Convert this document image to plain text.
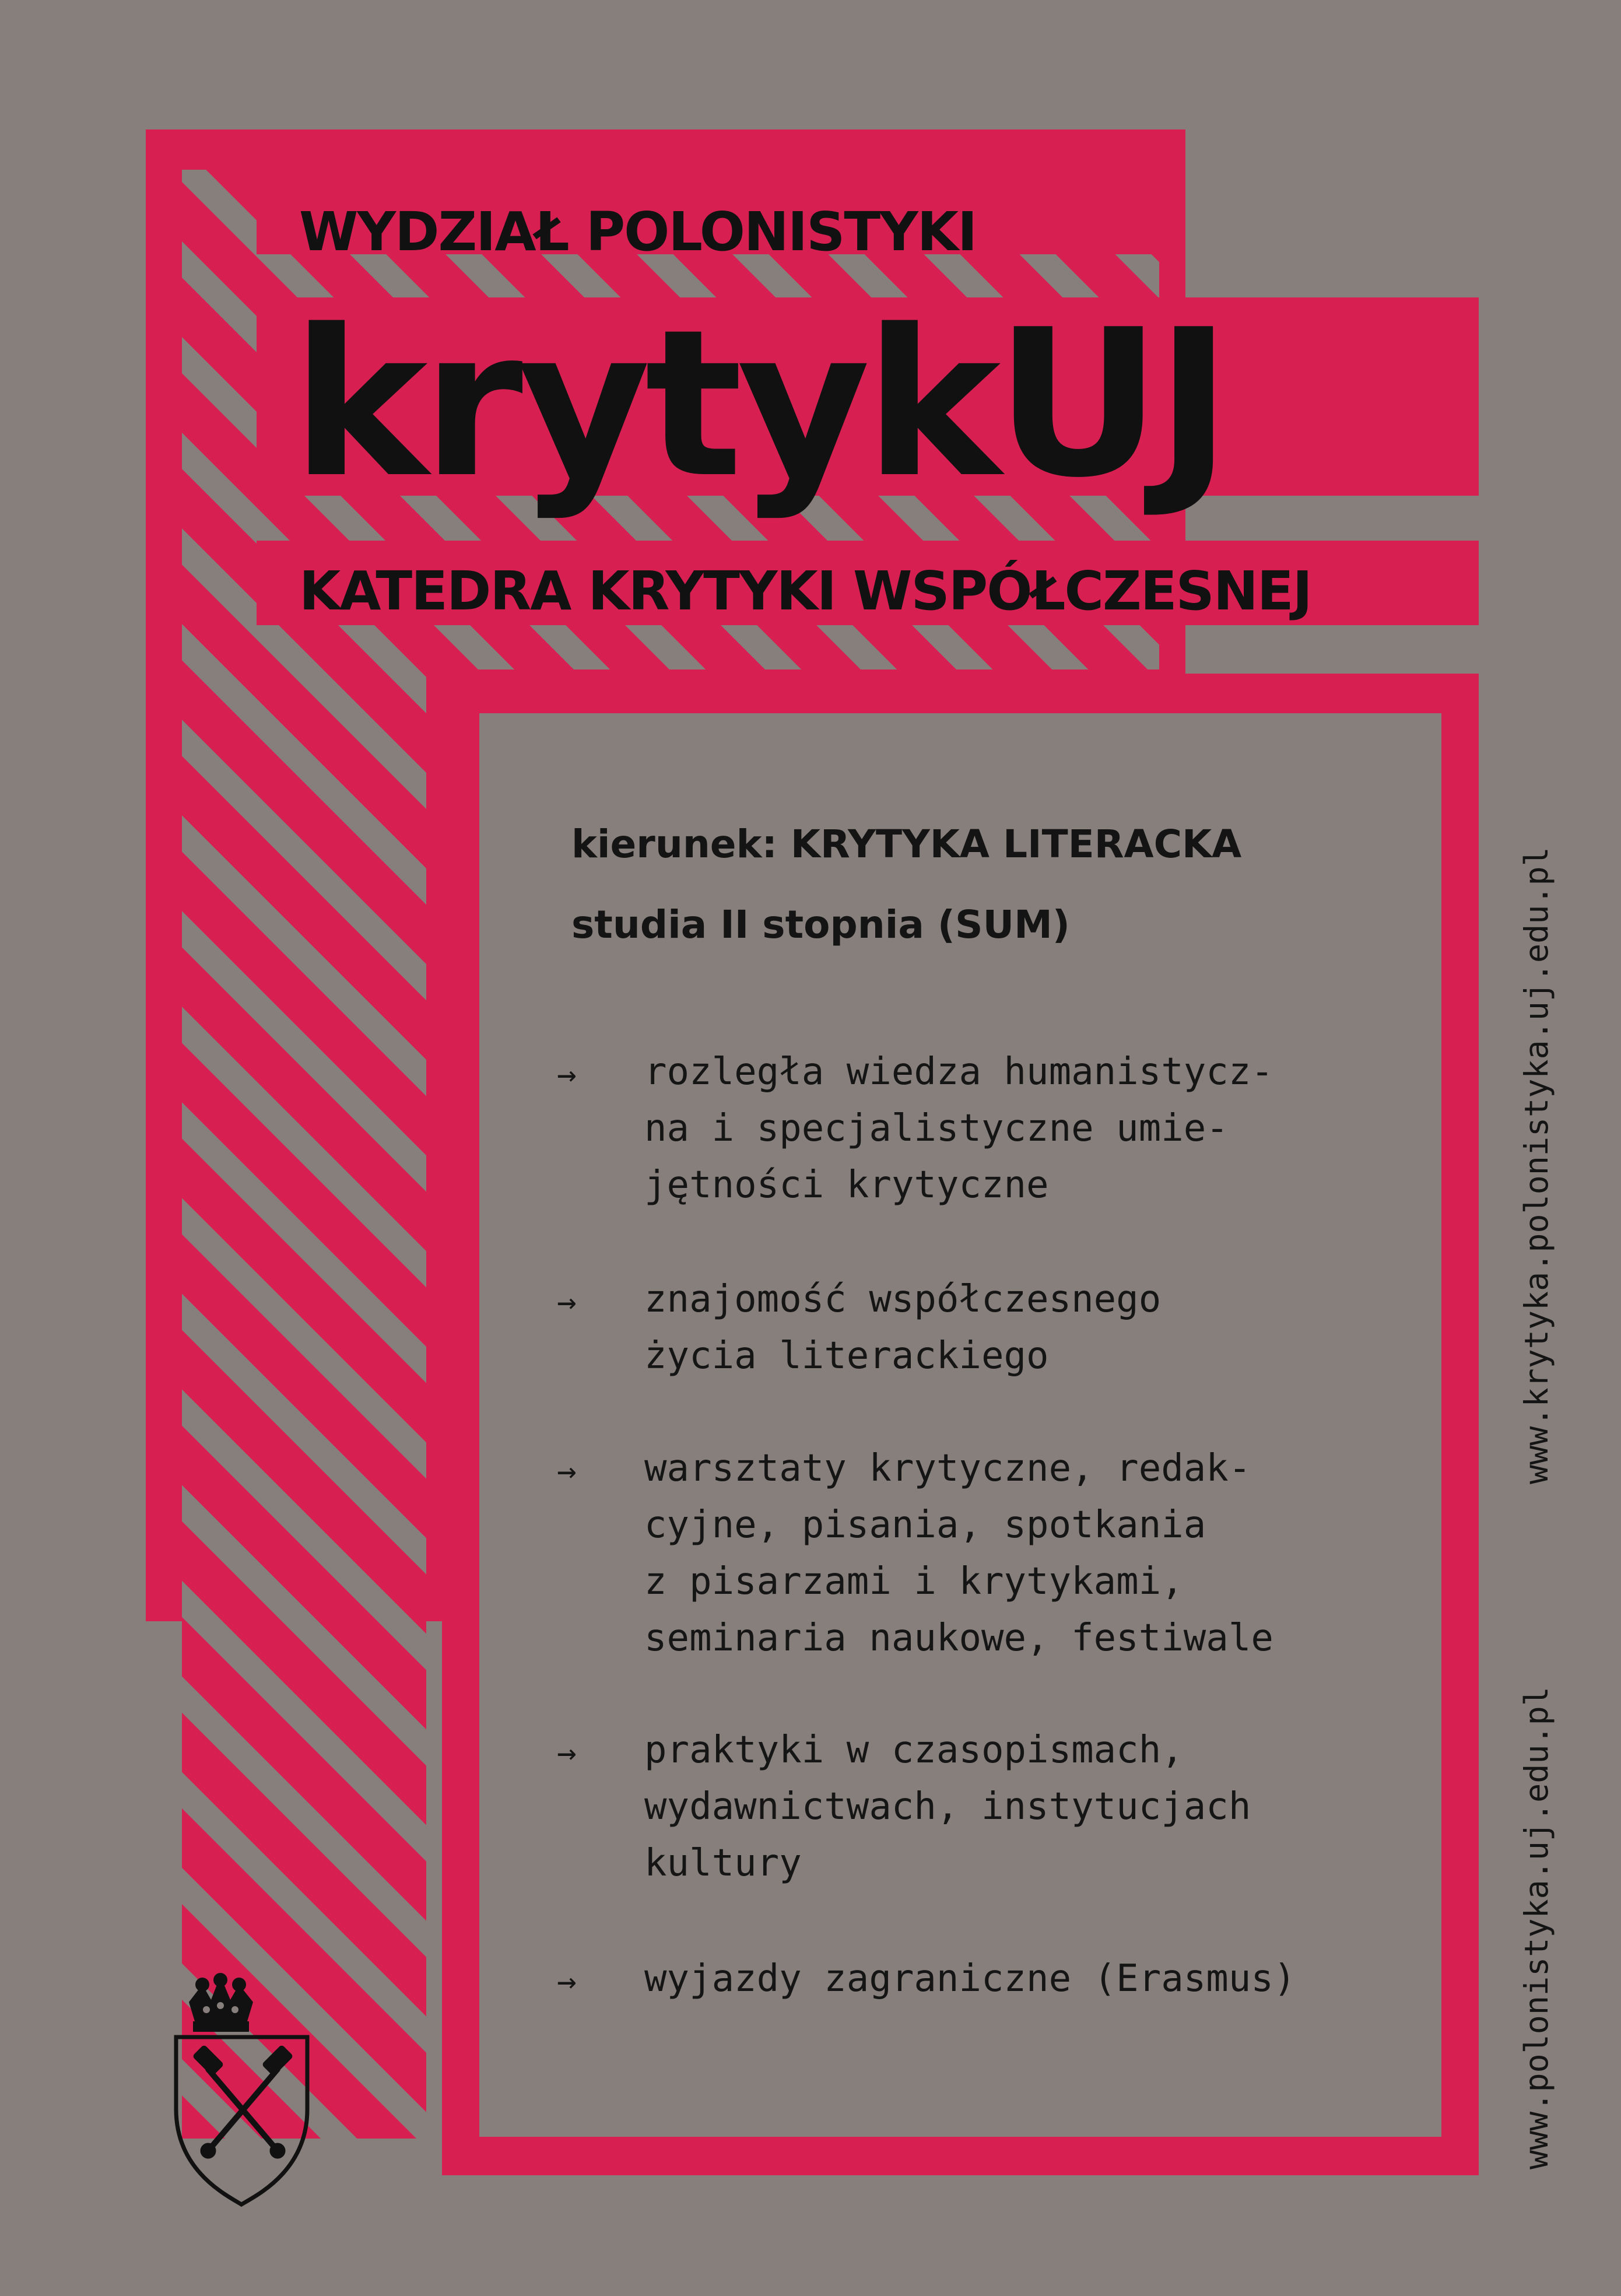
WYDZIAŁ POLONISTYKI
krytykUJ
KATEDRA KRYTYKI WSPÓŁCZESNEJ

kierunek: KRYTYKA LITERACKA

studia II stopnia (SUM)

→ rozległa wiedza humanistycz-
na i specjalistyczne umie-
jętności krytyczne

→ znajomość współczesnego
życia literackiego

→ warsztaty krytyczne, redak-
cyjne, pisania, spotkania
z pisarzami i krytykami,
seminaria naukowe, festiwale

→ praktyki w czasopismach,
wydawnictwach, instytucjach
kultury

→ wyjazdy zagraniczne (Erasmus)

www.krytyka.polonistyka.uj.edu.pl
www.polonistyka.uj.edu.pl
